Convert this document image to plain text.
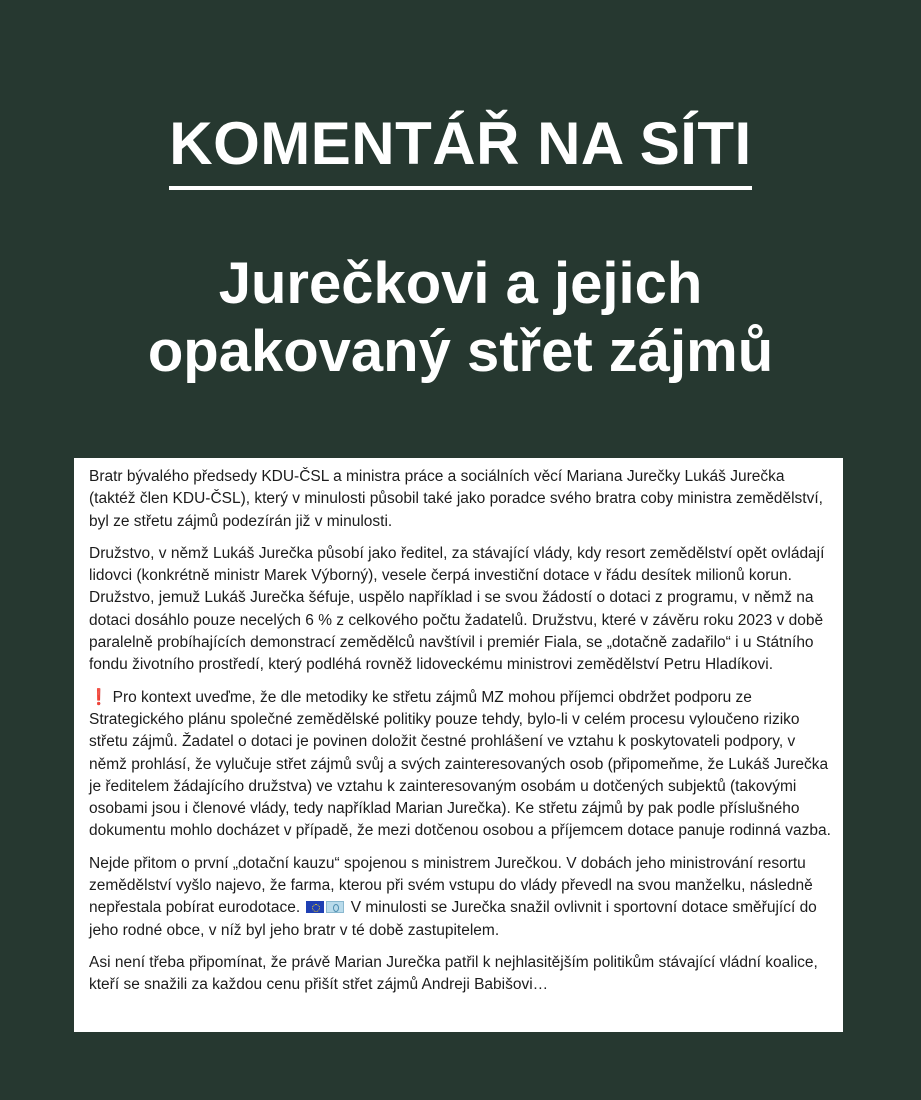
KOMENTÁŘ NA SÍTI
Jurečkovi a jejich
opakovaný střet zájmů

Bratr bývalého předsedy KDU-ČSL a ministra práce a sociálních věcí Mariana Jurečky Lukáš Jurečka (taktéž člen KDU-ČSL), který v minulosti působil také jako poradce svého bratra coby ministra zemědělství, byl ze střetu zájmů podezírán již v minulosti.

Družstvo, v němž Lukáš Jurečka působí jako ředitel, za stávající vlády, kdy resort zemědělství opět ovládají lidovci (konkrétně ministr Marek Výborný), vesele čerpá investiční dotace v řádu desítek milionů korun. Družstvo, jemuž Lukáš Jurečka šéfuje, uspělo například i se svou žádostí o dotaci z programu, v němž na dotaci dosáhlo pouze necelých 6 % z celkového počtu žadatelů. Družstvu, které v závěru roku 2023 v době paralelně probíhajících demonstrací zemědělců navštívil i premiér Fiala, se „dotačně zadařilo“ i u Státního fondu životního prostředí, který podléhá rovněž lidoveckému ministrovi zemědělství Petru Hladíkovi.

❗ Pro kontext uveďme, že dle metodiky ke střetu zájmů MZ mohou příjemci obdržet podporu ze Strategického plánu společné zemědělské politiky pouze tehdy, bylo-li v celém procesu vyloučeno riziko střetu zájmů. Žadatel o dotaci je povinen doložit čestné prohlášení ve vztahu k poskytovateli podpory, v němž prohlásí, že vylučuje střet zájmů svůj a svých zainteresovaných osob (připomeňme, že Lukáš Jurečka je ředitelem žádajícího družstva) ve vztahu k zainteresovaným osobám u dotčených subjektů (takovými osobami jsou i členové vlády, tedy například Marian Jurečka). Ke střetu zájmů by pak podle příslušného dokumentu mohlo docházet v případě, že mezi dotčenou osobou a příjemcem dotace panuje rodinná vazba.

Nejde přitom o první „dotační kauzu“ spojenou s ministrem Jurečkou. V dobách jeho ministrování resortu zemědělství vyšlo najevo, že farma, kterou při svém vstupu do vlády převedl na svou manželku, následně nepřestala pobírat eurodotace.	V minulosti se Jurečka snažil ovlivnit i sportovní dotace směřující do jeho rodné obce, v níž byl jeho bratr v té době zastupitelem.

Asi není třeba připomínat, že právě Marian Jurečka patřil k nejhlasitějším politikům stávající vládní koalice, kteří se snažili za každou cenu přišít střet zájmů Andreji Babišovi…
